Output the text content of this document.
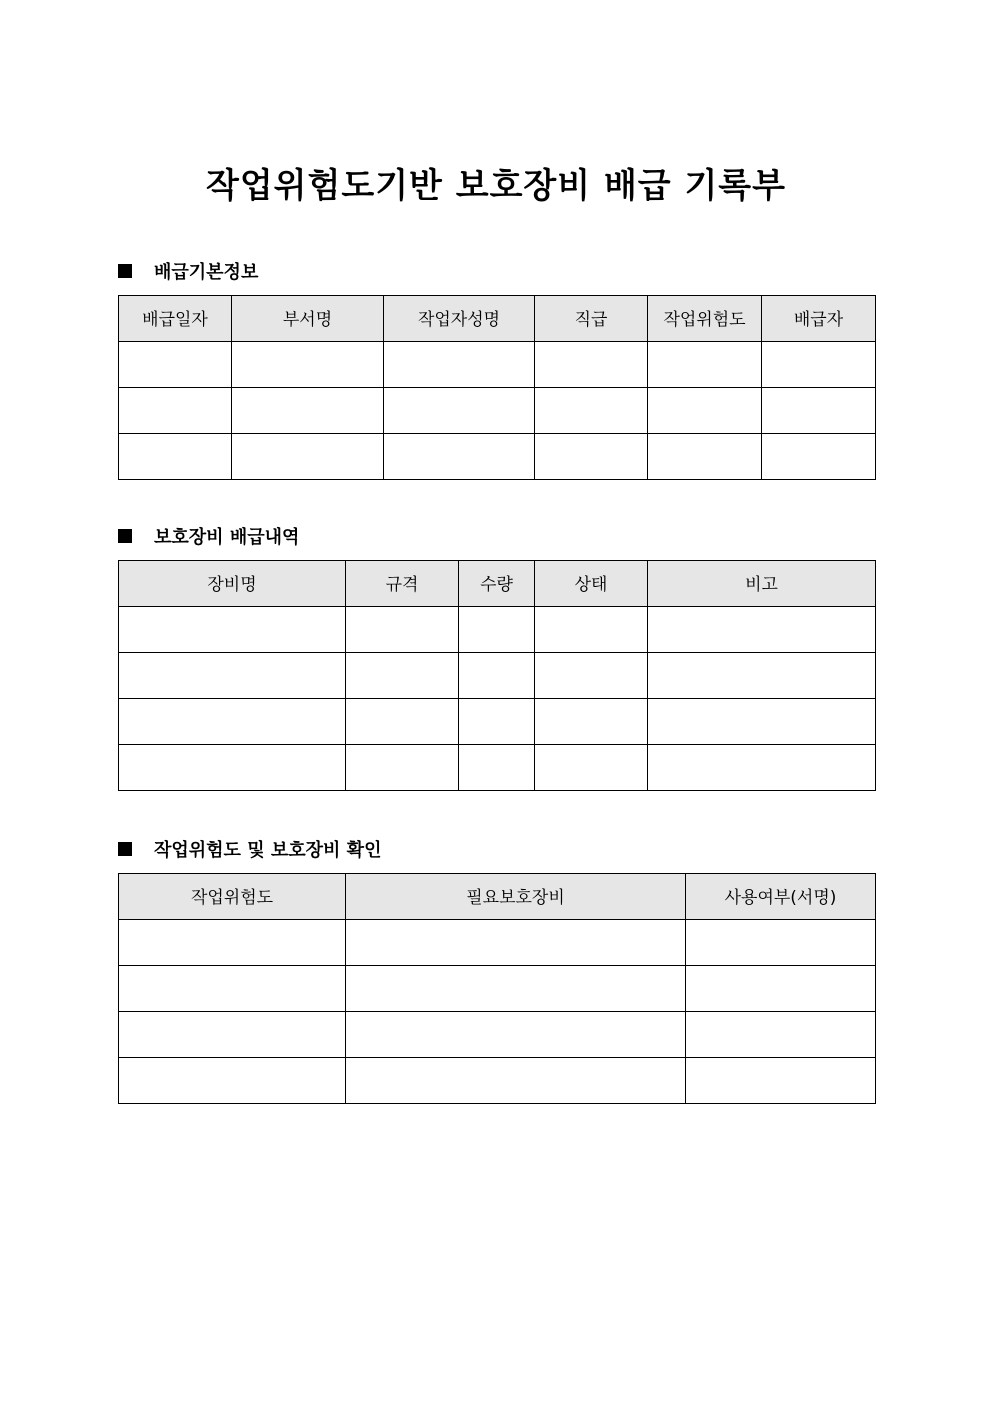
작업위험도기반 보호장비 배급 기록부
배급기본정보
배급일자	부서명	작업자성명	직급	작업위험도	배급자

보호장비 배급내역
장비명	규격	수량	상태	비고

작업위험도 및 보호장비 확인
작업위험도	필요보호장비	사용여부(서명)
